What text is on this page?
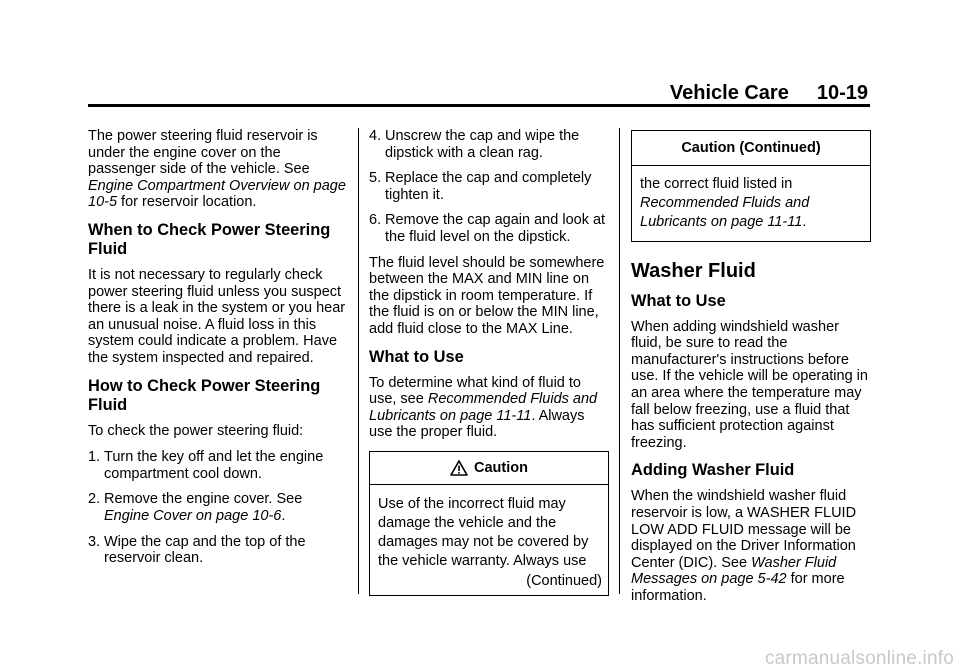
Vehicle Care 10-19

The power steering fluid reservoir is under the engine cover on the passenger side of the vehicle. See Engine Compartment Overview on page 10-5 for reservoir location.

When to Check Power Steering Fluid

It is not necessary to regularly check power steering fluid unless you suspect there is a leak in the system or you hear an unusual noise. A fluid loss in this system could indicate a problem. Have the system inspected and repaired.

How to Check Power Steering Fluid

To check the power steering fluid:

1. Turn the key off and let the engine compartment cool down.
2. Remove the engine cover. See Engine Cover on page 10-6.
3. Wipe the cap and the top of the reservoir clean.
4. Unscrew the cap and wipe the dipstick with a clean rag.
5. Replace the cap and completely tighten it.
6. Remove the cap again and look at the fluid level on the dipstick.

The fluid level should be somewhere between the MAX and MIN line on the dipstick in room temperature. If the fluid is on or below the MIN line, add fluid close to the MAX Line.

What to Use

To determine what kind of fluid to use, see Recommended Fluids and Lubricants on page 11-11. Always use the proper fluid.

Caution
Use of the incorrect fluid may damage the vehicle and the damages may not be covered by the vehicle warranty. Always use
(Continued)
Caution (Continued)
the correct fluid listed in Recommended Fluids and Lubricants on page 11-11.
Washer Fluid
What to Use

When adding windshield washer fluid, be sure to read the manufacturer's instructions before use. If the vehicle will be operating in an area where the temperature may fall below freezing, use a fluid that has sufficient protection against freezing.

Adding Washer Fluid

When the windshield washer fluid reservoir is low, a WASHER FLUID LOW ADD FLUID message will be displayed on the Driver Information Center (DIC). See Washer Fluid Messages on page 5-42 for more information.

carmanualsonline.info
